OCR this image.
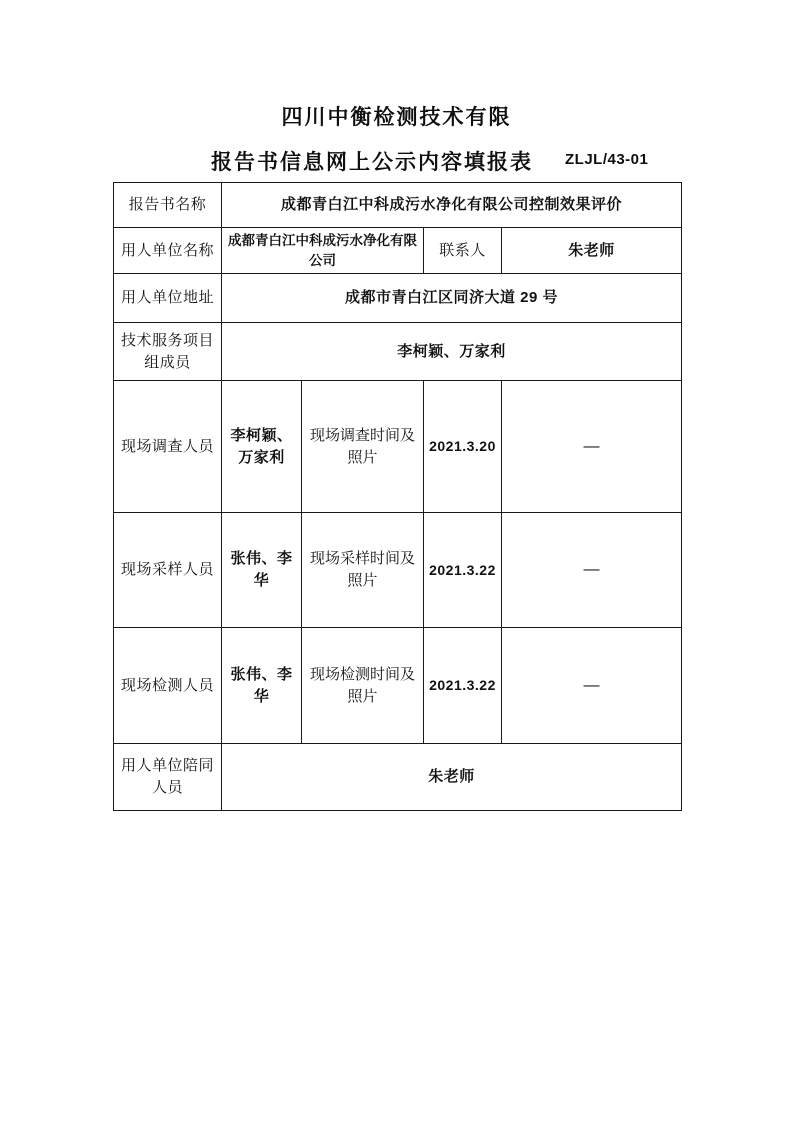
四川中衡检测技术有限
报告书信息网上公示内容填报表 ZLJL/43-01
报告书名称	成都青白江中科成污水净化有限公司控制效果评价			
用人单位名称	成都青白江中科成污水净化有限公司		联系人	朱老师
用人单位地址	成都市青白江区同济大道 29 号			
技术服务项目组成员	李柯颖、万家利			
现场调查人员	李柯颖、万家利	现场调查时间及照片	2021.3.20	—
现场采样人员	张伟、李华	现场采样时间及照片	2021.3.22	—
现场检测人员	张伟、李华	现场检测时间及照片	2021.3.22	—
用人单位陪同人员	朱老师			
